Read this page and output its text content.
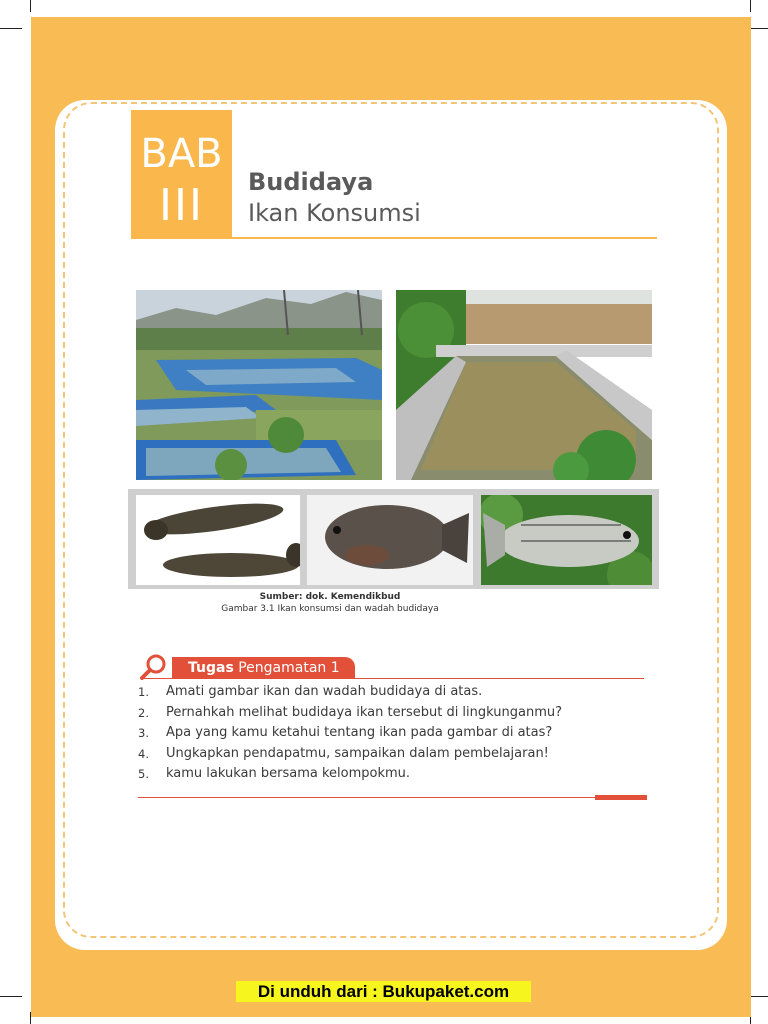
BAB
III	Budidaya
Ikan Konsumsi
Sumber: dok. Kemendikbud
Gambar 3.1 Ikan konsumsi dan wadah budidaya
Tugas Pengamatan 1
1.	Amati gambar ikan dan wadah budidaya di atas.
2.	Pernahkah melihat budidaya ikan tersebut di lingkunganmu?
3.	Apa yang kamu ketahui tentang ikan pada gambar di atas?
4.	Ungkapkan pendapatmu, sampaikan dalam pembelajaran!
5.	kamu lakukan bersama kelompokmu.
Di unduh dari : Bukupaket.com
